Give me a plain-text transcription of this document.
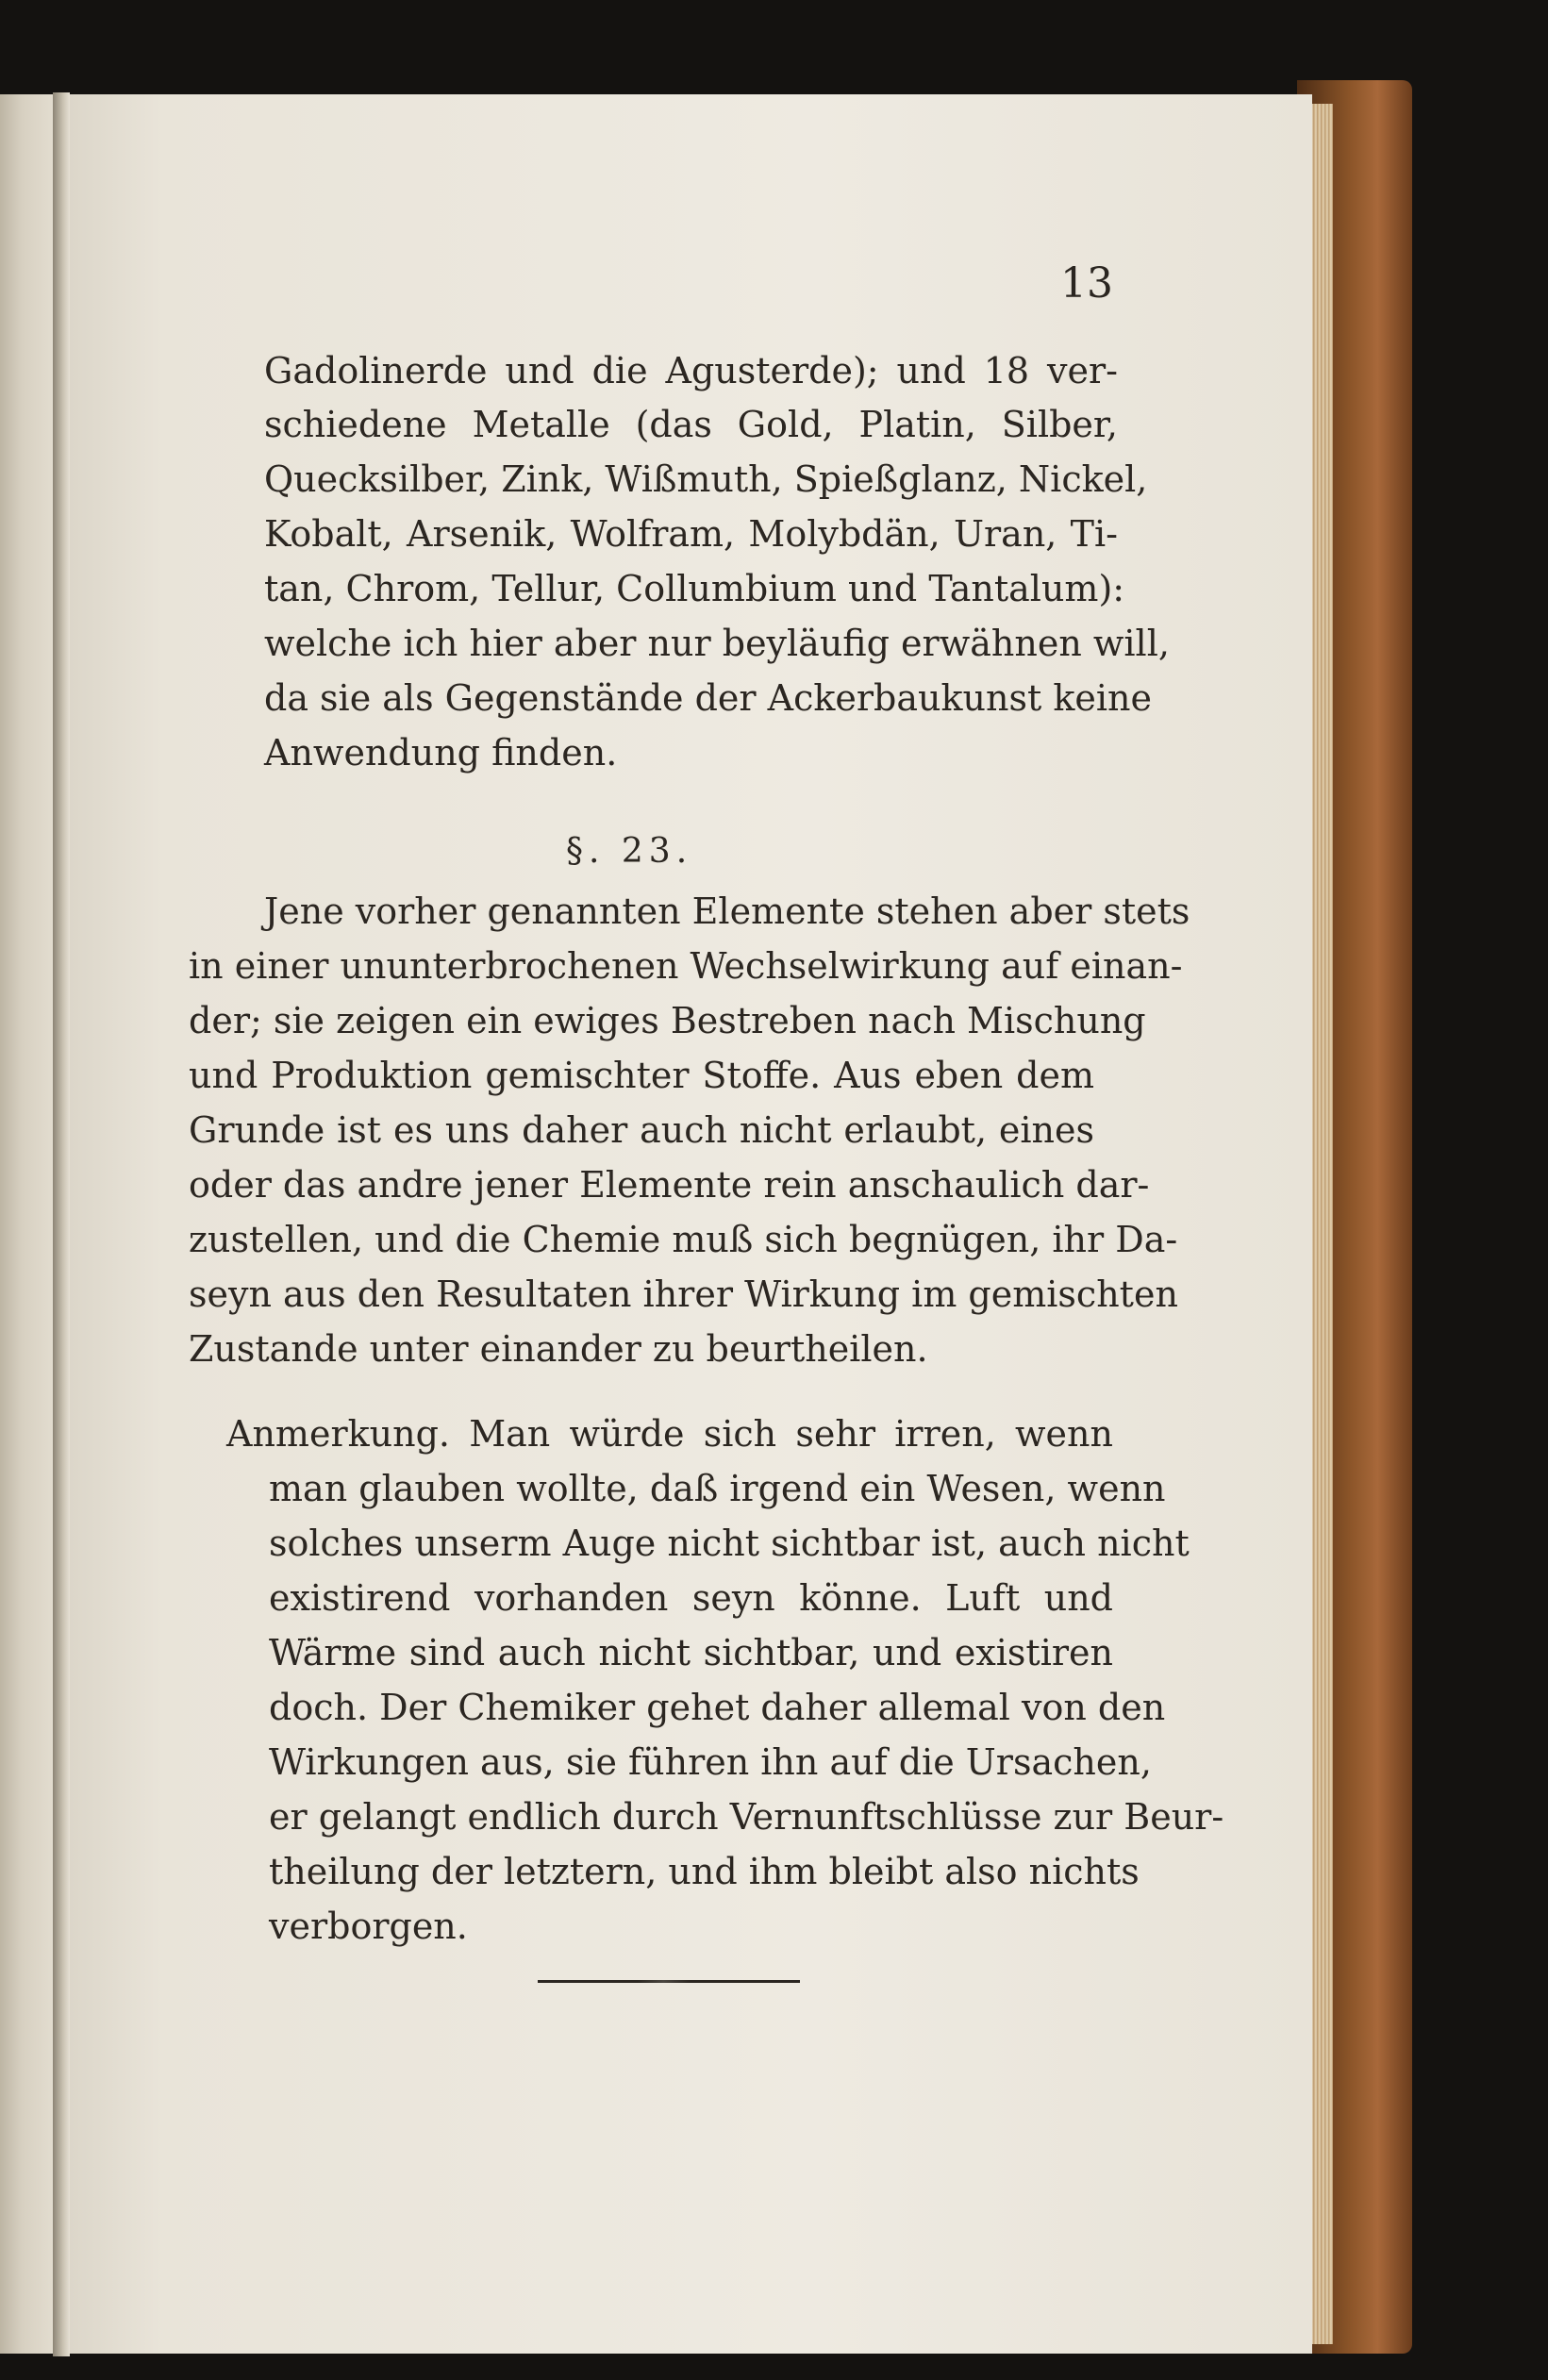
13
Gadolinerde und die Agusterde); und 18 ver-
schiedene Metalle (das Gold, Platin, Silber,
Quecksilber, Zink, Wißmuth, Spießglanz, Nickel,
Kobalt, Arsenik, Wolfram, Molybdän, Uran, Ti-
tan, Chrom, Tellur, Collumbium und Tantalum):
welche ich hier aber nur beyläufig erwähnen will,
da sie als Gegenstände der Ackerbaukunst keine
Anwendung finden.
§. 23.
Jene vorher genannten Elemente stehen aber stets
in einer ununterbrochenen Wechselwirkung auf einan-
der; sie zeigen ein ewiges Bestreben nach Mischung
und Produktion gemischter Stoffe. Aus eben dem
Grunde ist es uns daher auch nicht erlaubt, eines
oder das andre jener Elemente rein anschaulich dar-
zustellen, und die Chemie muß sich begnügen, ihr Da-
seyn aus den Resultaten ihrer Wirkung im gemischten
Zustande unter einander zu beurtheilen.
Anmerkung. Man würde sich sehr irren, wenn
man glauben wollte, daß irgend ein Wesen, wenn
solches unserm Auge nicht sichtbar ist, auch nicht
existirend vorhanden seyn könne. Luft und
Wärme sind auch nicht sichtbar, und existiren
doch. Der Chemiker gehet daher allemal von den
Wirkungen aus, sie führen ihn auf die Ursachen,
er gelangt endlich durch Vernunftschlüsse zur Beur-
theilung der letztern, und ihm bleibt also nichts
verborgen.
